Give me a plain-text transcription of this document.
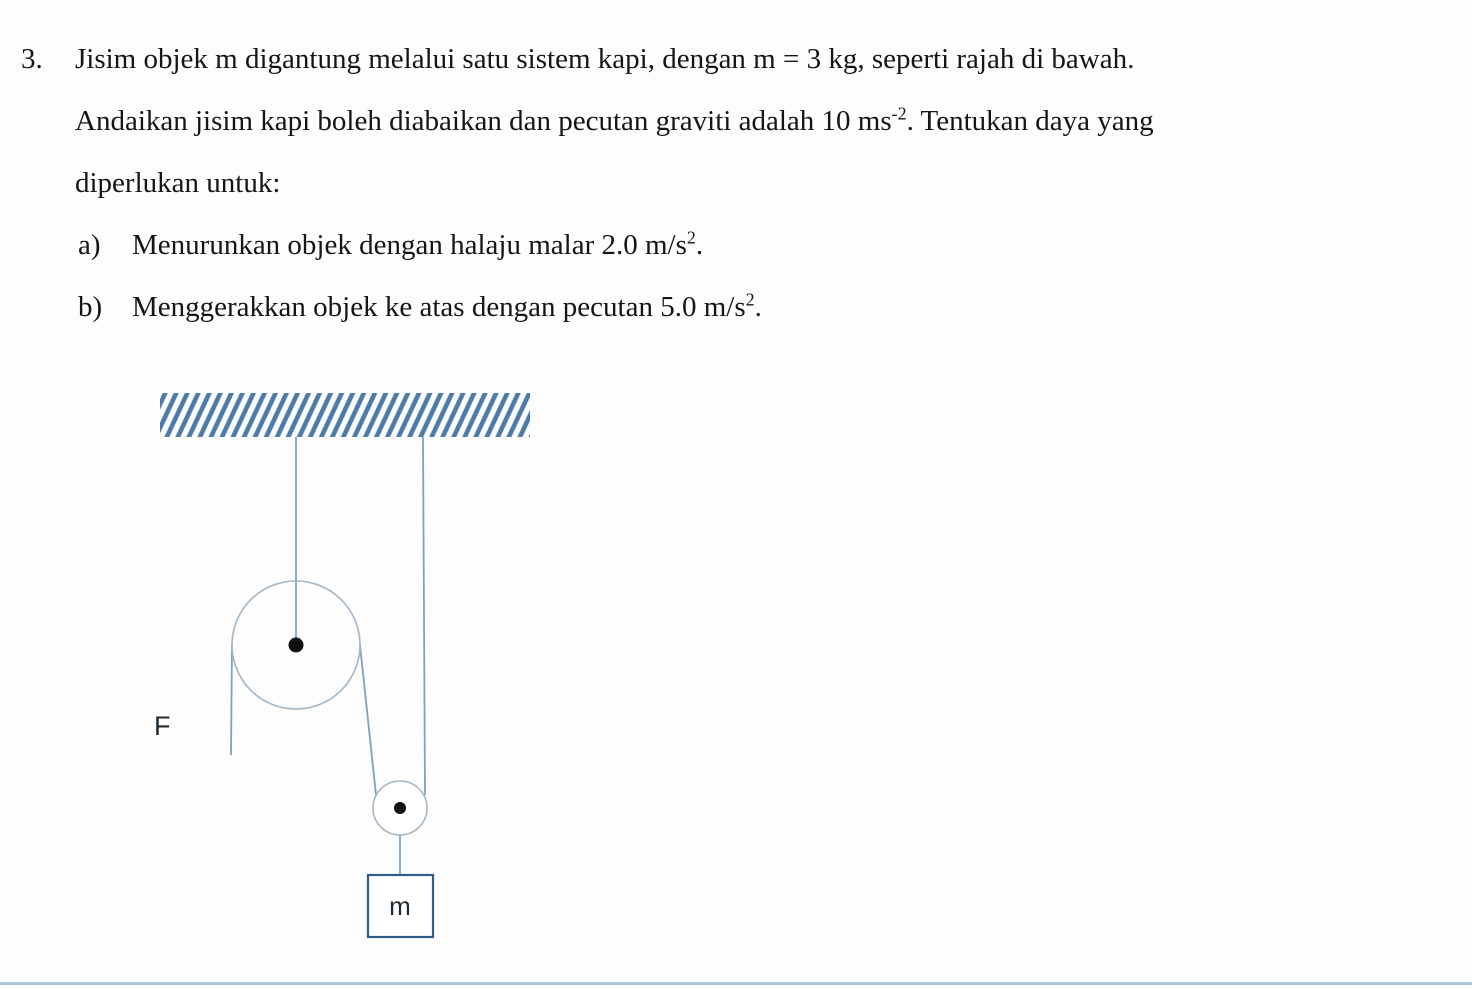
3. Jisim objek m digantung melalui satu sistem kapi, dengan m = 3 kg, seperti rajah di bawah.
Andaikan jisim kapi boleh diabaikan dan pecutan graviti adalah 10 $ms^{-2}$. Tentukan daya yang
diperlukan untuk:
a) Menurunkan objek dengan halaju malar 2.0 $m/s^2$.
b) Menggerakkan objek ke atas dengan pecutan 5.0 $m/s^2$.
F
m
